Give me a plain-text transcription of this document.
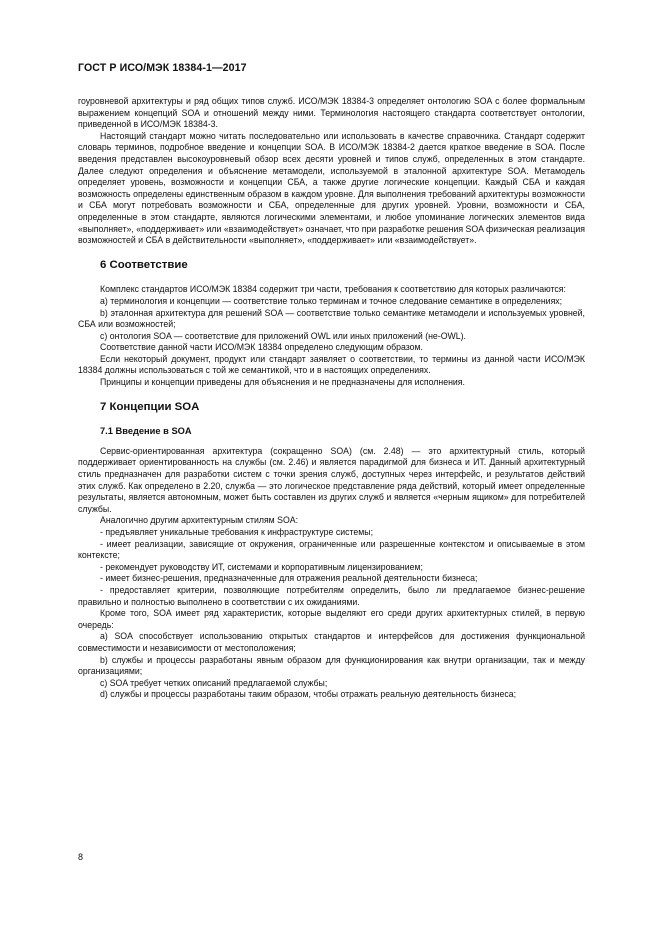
ГОСТ Р ИСО/МЭК 18384-1—2017

гоуровневой архитектуры и ряд общих типов служб. ИСО/МЭК 18384-3 определяет онтологию SOA с более формальным выражением концепций SOA и отношений между ними. Терминология настоящего стандарта соответствует онтологии, приведенной в ИСО/МЭК 18384-3.

Настоящий стандарт можно читать последовательно или использовать в качестве справочника. Стандарт содержит словарь терминов, подробное введение и концепции SOA. В ИСО/МЭК 18384-2 дается краткое введение в SOA. После введения представлен высокоуровневый обзор всех десяти уровней и типов служб, определенных в этом стандарте. Далее следуют определения и объяснение метамодели, используемой в эталонной архитектуре SOA. Метамодель определяет уровень, возможности и концепции СБА, а также другие логические концепции. Каждый СБА и каждая возможность определены единственным образом в каждом уровне. Для выполнения требований архитектуры возможности и СБА могут потребовать возможности и СБА, определенные для других уровней. Уровни, возможности и СБА, определенные в этом стандарте, являются логическими элементами, и любое упоминание логических элементов вида «выполняет», «поддерживает» или «взаимодействует» означает, что при разработке решения SOA физическая реализация возможностей и СБА в действительности «выполняет», «поддерживает» или «взаимодействует».

6 Соответствие

Комплекс стандартов ИСО/МЭК 18384 содержит три части, требования к соответствию для которых различаются:

а) терминология и концепции — соответствие только терминам и точное следование семантике в определениях;

b) эталонная архитектура для решений SOA — соответствие только семантике метамодели и используемых уровней, СБА или возможностей;

с) онтология SOA — соответствие для приложений OWL или иных приложений (не-OWL).

Соответствие данной части ИСО/МЭК 18384 определено следующим образом.

Если некоторый документ, продукт или стандарт заявляет о соответствии, то термины из данной части ИСО/МЭК 18384 должны использоваться с той же семантикой, что и в настоящих определениях.

Принципы и концепции приведены для объяснения и не предназначены для исполнения.

7 Концепции SOA

7.1 Введение в SOA

Сервис-ориентированная архитектура (сокращенно SOA) (см. 2.48) — это архитектурный стиль, который поддерживает ориентированность на службы (см. 2.46) и является парадигмой для бизнеса и ИТ. Данный архитектурный стиль предназначен для разработки систем с точки зрения служб, доступных через интерфейс, и результатов действий этих служб. Как определено в 2.20, служба — это логическое представление ряда действий, который имеет определенные результаты, является автономным, может быть составлен из других служб и является «черным ящиком» для потребителей службы.

Аналогично другим архитектурным стилям SOA:

- предъявляет уникальные требования к инфраструктуре системы;

- имеет реализации, зависящие от окружения, ограниченные или разрешенные контекстом и описываемые в этом контексте;

- рекомендует руководству ИТ, системами и корпоративным лицензированием;

- имеет бизнес-решения, предназначенные для отражения реальной деятельности бизнеса;

- предоставляет критерии, позволяющие потребителям определить, было ли предлагаемое бизнес-решение правильно и полностью выполнено в соответствии с их ожиданиями.

Кроме того, SOA имеет ряд характеристик, которые выделяют его среди других архитектурных стилей, в первую очередь:

а) SOA способствует использованию открытых стандартов и интерфейсов для достижения функциональной совместимости и независимости от местоположения;

b) службы и процессы разработаны явным образом для функционирования как внутри организации, так и между организациями;

с) SOA требует четких описаний предлагаемой службы;

d) службы и процессы разработаны таким образом, чтобы отражать реальную деятельность бизнеса;

8
